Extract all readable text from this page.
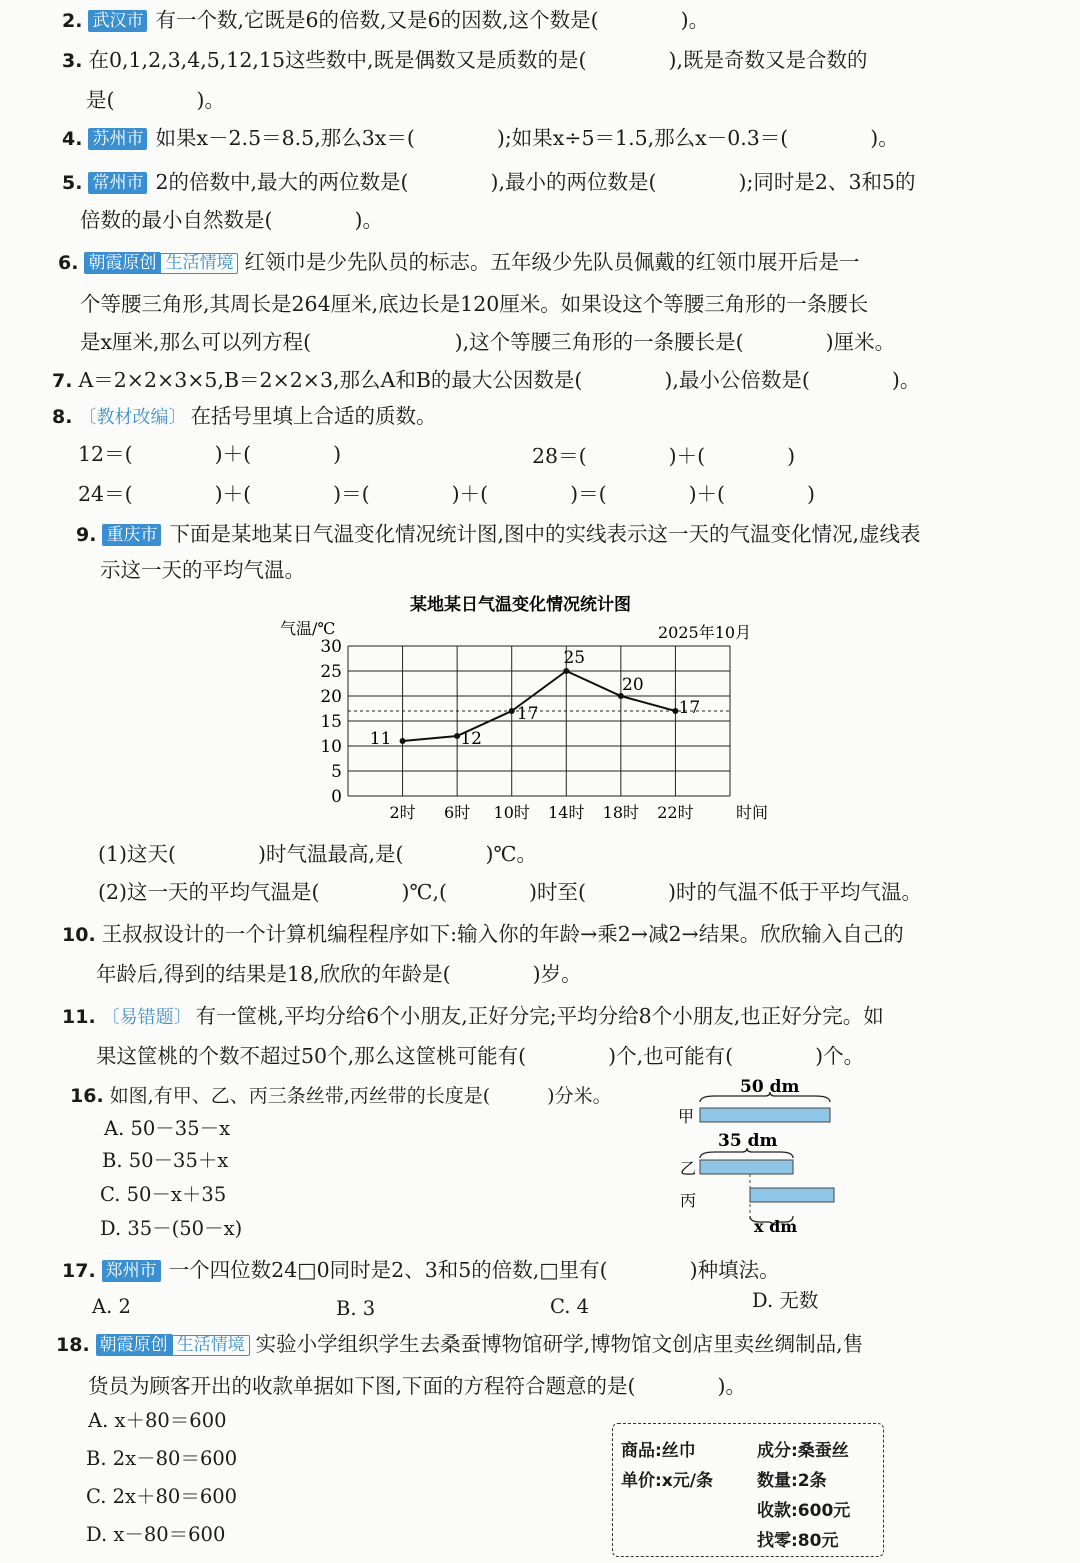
2. 武汉市 有一个数,它既是6的倍数,又是6的因数,这个数是(　　　　)。
3. 在0,1,2,3,4,5,12,15这些数中,既是偶数又是质数的是(　　　　),既是奇数又是合数的
是(　　　　)。
4. 苏州市 如果x－2.5＝8.5,那么3x＝(　　　　);如果x÷5＝1.5,那么x－0.3＝(　　　　)。
5. 常州市 2的倍数中,最大的两位数是(　　　　),最小的两位数是(　　　　);同时是2、3和5的
倍数的最小自然数是(　　　　)。
6. 朝霞原创 生活情境 红领巾是少先队员的标志。五年级少先队员佩戴的红领巾展开后是一
个等腰三角形,其周长是264厘米,底边长是120厘米。如果设这个等腰三角形的一条腰长
是x厘米,那么可以列方程(　　　　　　　),这个等腰三角形的一条腰长是(　　　　)厘米。
7. A＝2×2×3×5,B＝2×2×3,那么A和B的最大公因数是(　　　　),最小公倍数是(　　　　)。
8. 〔教材改编〕 在括号里填上合适的质数。
12＝(　　　　)＋(　　　　)	28＝(　　　　)＋(　　　　)
24＝(　　　　)＋(　　　　)＝(　　　　)＋(　　　　)＝(　　　　)＋(　　　　)
9. 重庆市 下面是某地某日气温变化情况统计图,图中的实线表示这一天的气温变化情况,虚线表
示这一天的平均气温。
某地某日气温变化情况统计图
2025年10月
气温/℃
0
5
10
15
20
25
30
2时 6时 10时 14时 18时 22时	时间
11	12
17
25
20
17
(1)这天(　　　　)时气温最高,是(　　　　)℃。
(2)这一天的平均气温是(　　　　)℃,(　　　　)时至(　　　　)时的气温不低于平均气温。
10. 王叔叔设计的一个计算机编程程序如下:输入你的年龄→乘2→减2→结果。欣欣输入自己的
年龄后,得到的结果是18,欣欣的年龄是(　　　　)岁。
11. 〔易错题〕 有一筐桃,平均分给6个小朋友,正好分完;平均分给8个小朋友,也正好分完。如
果这筐桃的个数不超过50个,那么这筐桃可能有(　　　　)个,也可能有(　　　　)个。
16. 如图,有甲、乙、丙三条丝带,丙丝带的长度是(　　　)分米。
A. 50－35－x
B. 50－35＋x
C. 50－x＋35
D. 35－(50－x)
50 dm
甲
35 dm
乙
丙
x dm
17. 郑州市 一个四位数24□0同时是2、3和5的倍数,□里有(　　　　)种填法。
A. 2	B. 3	C. 4	D. 无数
18. 朝霞原创 生活情境 实验小学组织学生去桑蚕博物馆研学,博物馆文创店里卖丝绸制品,售
货员为顾客开出的收款单据如下图,下面的方程符合题意的是(　　　　)。
A. x＋80＝600
B. 2x－80＝600
C. 2x＋80＝600
D. x－80＝600
商品:丝巾	成分:桑蚕丝
单价:x元/条	数量:2条
收款:600元
找零:80元
